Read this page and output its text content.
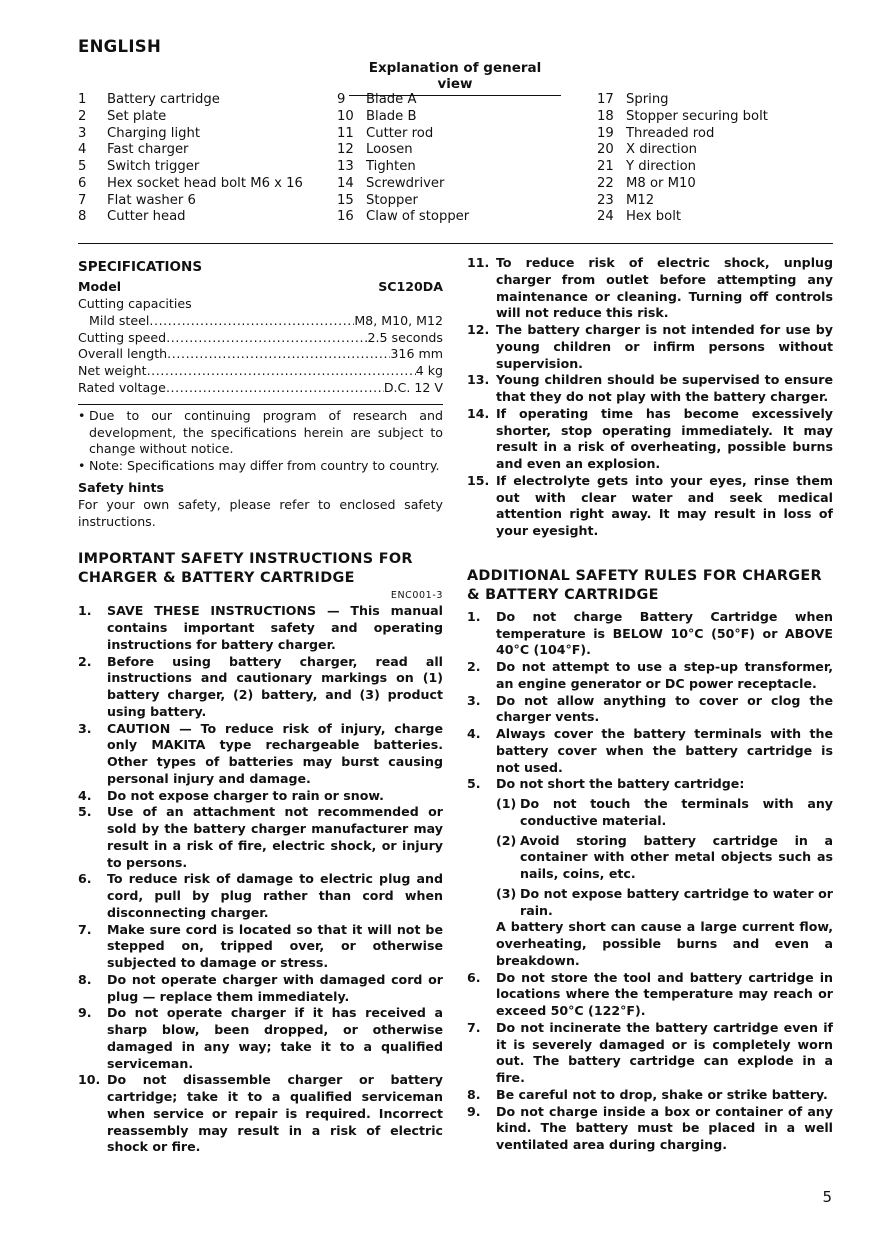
ENGLISH
Explanation of general view
1	Battery cartridge
2	Set plate
3	Charging light
4	Fast charger
5	Switch trigger
6	Hex socket head bolt M6 x 16
7	Flat washer 6
8	Cutter head
9	Blade A
10 Blade B
11 Cutter rod
12 Loosen
13 Tighten
14 Screwdriver
15 Stopper
16 Claw of stopper
17 Spring
18 Stopper securing bolt
19 Threaded rod
20 X direction
21 Y direction
22 M8 or M10
23 M12
24 Hex bolt
SPECIFICATIONS
Model	SC120DA
Cutting capacities
Mild steel .....	M8, M10, M12
Cutting speed .....	2.5 seconds
Overall length .....	316 mm
Net weight .....	4 kg
Rated voltage .....	D.C. 12 V
• Due to our continuing program of research and development, the specifications herein are subject to change without notice.
• Note: Specifications may differ from country to country.
Safety hints
For your own safety, please refer to enclosed safety instructions.
IMPORTANT SAFETY INSTRUCTIONS FOR
CHARGER & BATTERY CARTRIDGE
ENC001-3
1.	SAVE THESE INSTRUCTIONS — This manual contains important safety and operating instructions for battery charger.
2.	Before using battery charger, read all instructions and cautionary markings on (1) battery charger, (2) battery, and (3) product using battery.
3.	CAUTION — To reduce risk of injury, charge only MAKITA type rechargeable batteries. Other types of batteries may burst causing personal injury and damage.
4.	Do not expose charger to rain or snow.
5.	Use of an attachment not recommended or sold by the battery charger manufacturer may result in a risk of fire, electric shock, or injury to persons.
6.	To reduce risk of damage to electric plug and cord, pull by plug rather than cord when disconnecting charger.
7.	Make sure cord is located so that it will not be stepped on, tripped over, or otherwise subjected to damage or stress.
8.	Do not operate charger with damaged cord or plug — replace them immediately.
9.	Do not operate charger if it has received a sharp blow, been dropped, or otherwise damaged in any way; take it to a qualified serviceman.
10. Do not disassemble charger or battery cartridge; take it to a qualified serviceman when service or repair is required. Incorrect reassembly may result in a risk of electric shock or fire.
11. To reduce risk of electric shock, unplug charger from outlet before attempting any maintenance or cleaning. Turning off controls will not reduce this risk.
12. The battery charger is not intended for use by young children or infirm persons without supervision.
13. Young children should be supervised to ensure that they do not play with the battery charger.
14. If operating time has become excessively shorter, stop operating immediately. It may result in a risk of overheating, possible burns and even an explosion.
15. If electrolyte gets into your eyes, rinse them out with clear water and seek medical attention right away. It may result in loss of your eyesight.
ADDITIONAL SAFETY RULES FOR CHARGER
& BATTERY CARTRIDGE
1.	Do not charge Battery Cartridge when temperature is BELOW 10°C (50°F) or ABOVE 40°C (104°F).
2.	Do not attempt to use a step-up transformer, an engine generator or DC power receptacle.
3.	Do not allow anything to cover or clog the charger vents.
4.	Always cover the battery terminals with the battery cover when the battery cartridge is not used.
5.	Do not short the battery cartridge:
(1) Do not touch the terminals with any conductive material.
(2) Avoid storing battery cartridge in a container with other metal objects such as nails, coins, etc.
(3) Do not expose battery cartridge to water or rain.
A battery short can cause a large current flow, overheating, possible burns and even a breakdown.
6.	Do not store the tool and battery cartridge in locations where the temperature may reach or exceed 50°C (122°F).
7.	Do not incinerate the battery cartridge even if it is severely damaged or is completely worn out. The battery cartridge can explode in a fire.
8.	Be careful not to drop, shake or strike battery.
9.	Do not charge inside a box or container of any kind. The battery must be placed in a well ventilated area during charging.
5
